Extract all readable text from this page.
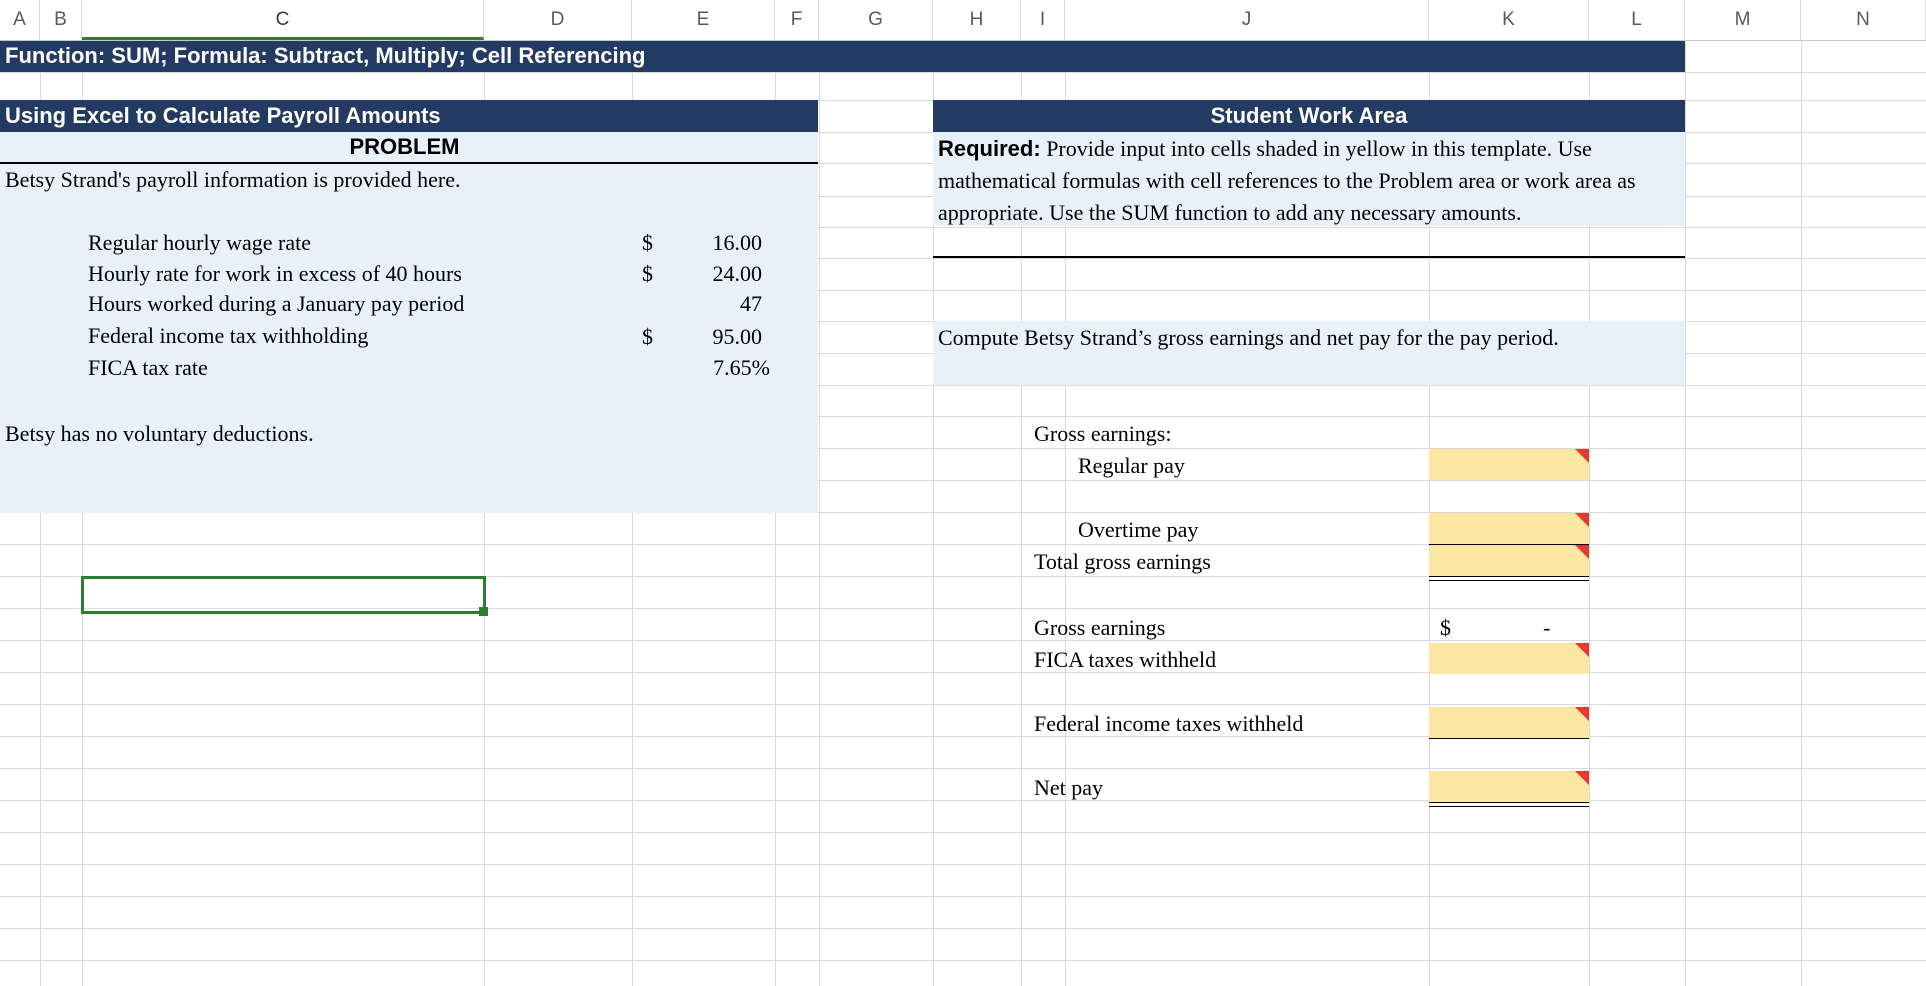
A	B	C	D	E	F	G	H	I	J	K	L	M	N
Function: SUM; Formula: Subtract, Multiply; Cell Referencing
Using Excel to Calculate Payroll Amounts
PROBLEM
Betsy Strand's payroll information is provided here.
Regular hourly wage rate	$	16.00
Hourly rate for work in excess of 40 hours	$	24.00
Hours worked during a January pay period	47
Federal income tax withholding	$	95.00
FICA tax rate	7.65%
Betsy has no voluntary deductions.
Student Work Area
Required: Provide input into cells shaded in yellow in this template. Use
mathematical formulas with cell references to the Problem area or work area as
appropriate. Use the SUM function to add any necessary amounts.
Compute Betsy Strand’s gross earnings and net pay for the pay period.
Gross earnings:
Regular pay
Overtime pay
Total gross earnings
Gross earnings	$	-
FICA taxes withheld
Federal income taxes withheld
Net pay
